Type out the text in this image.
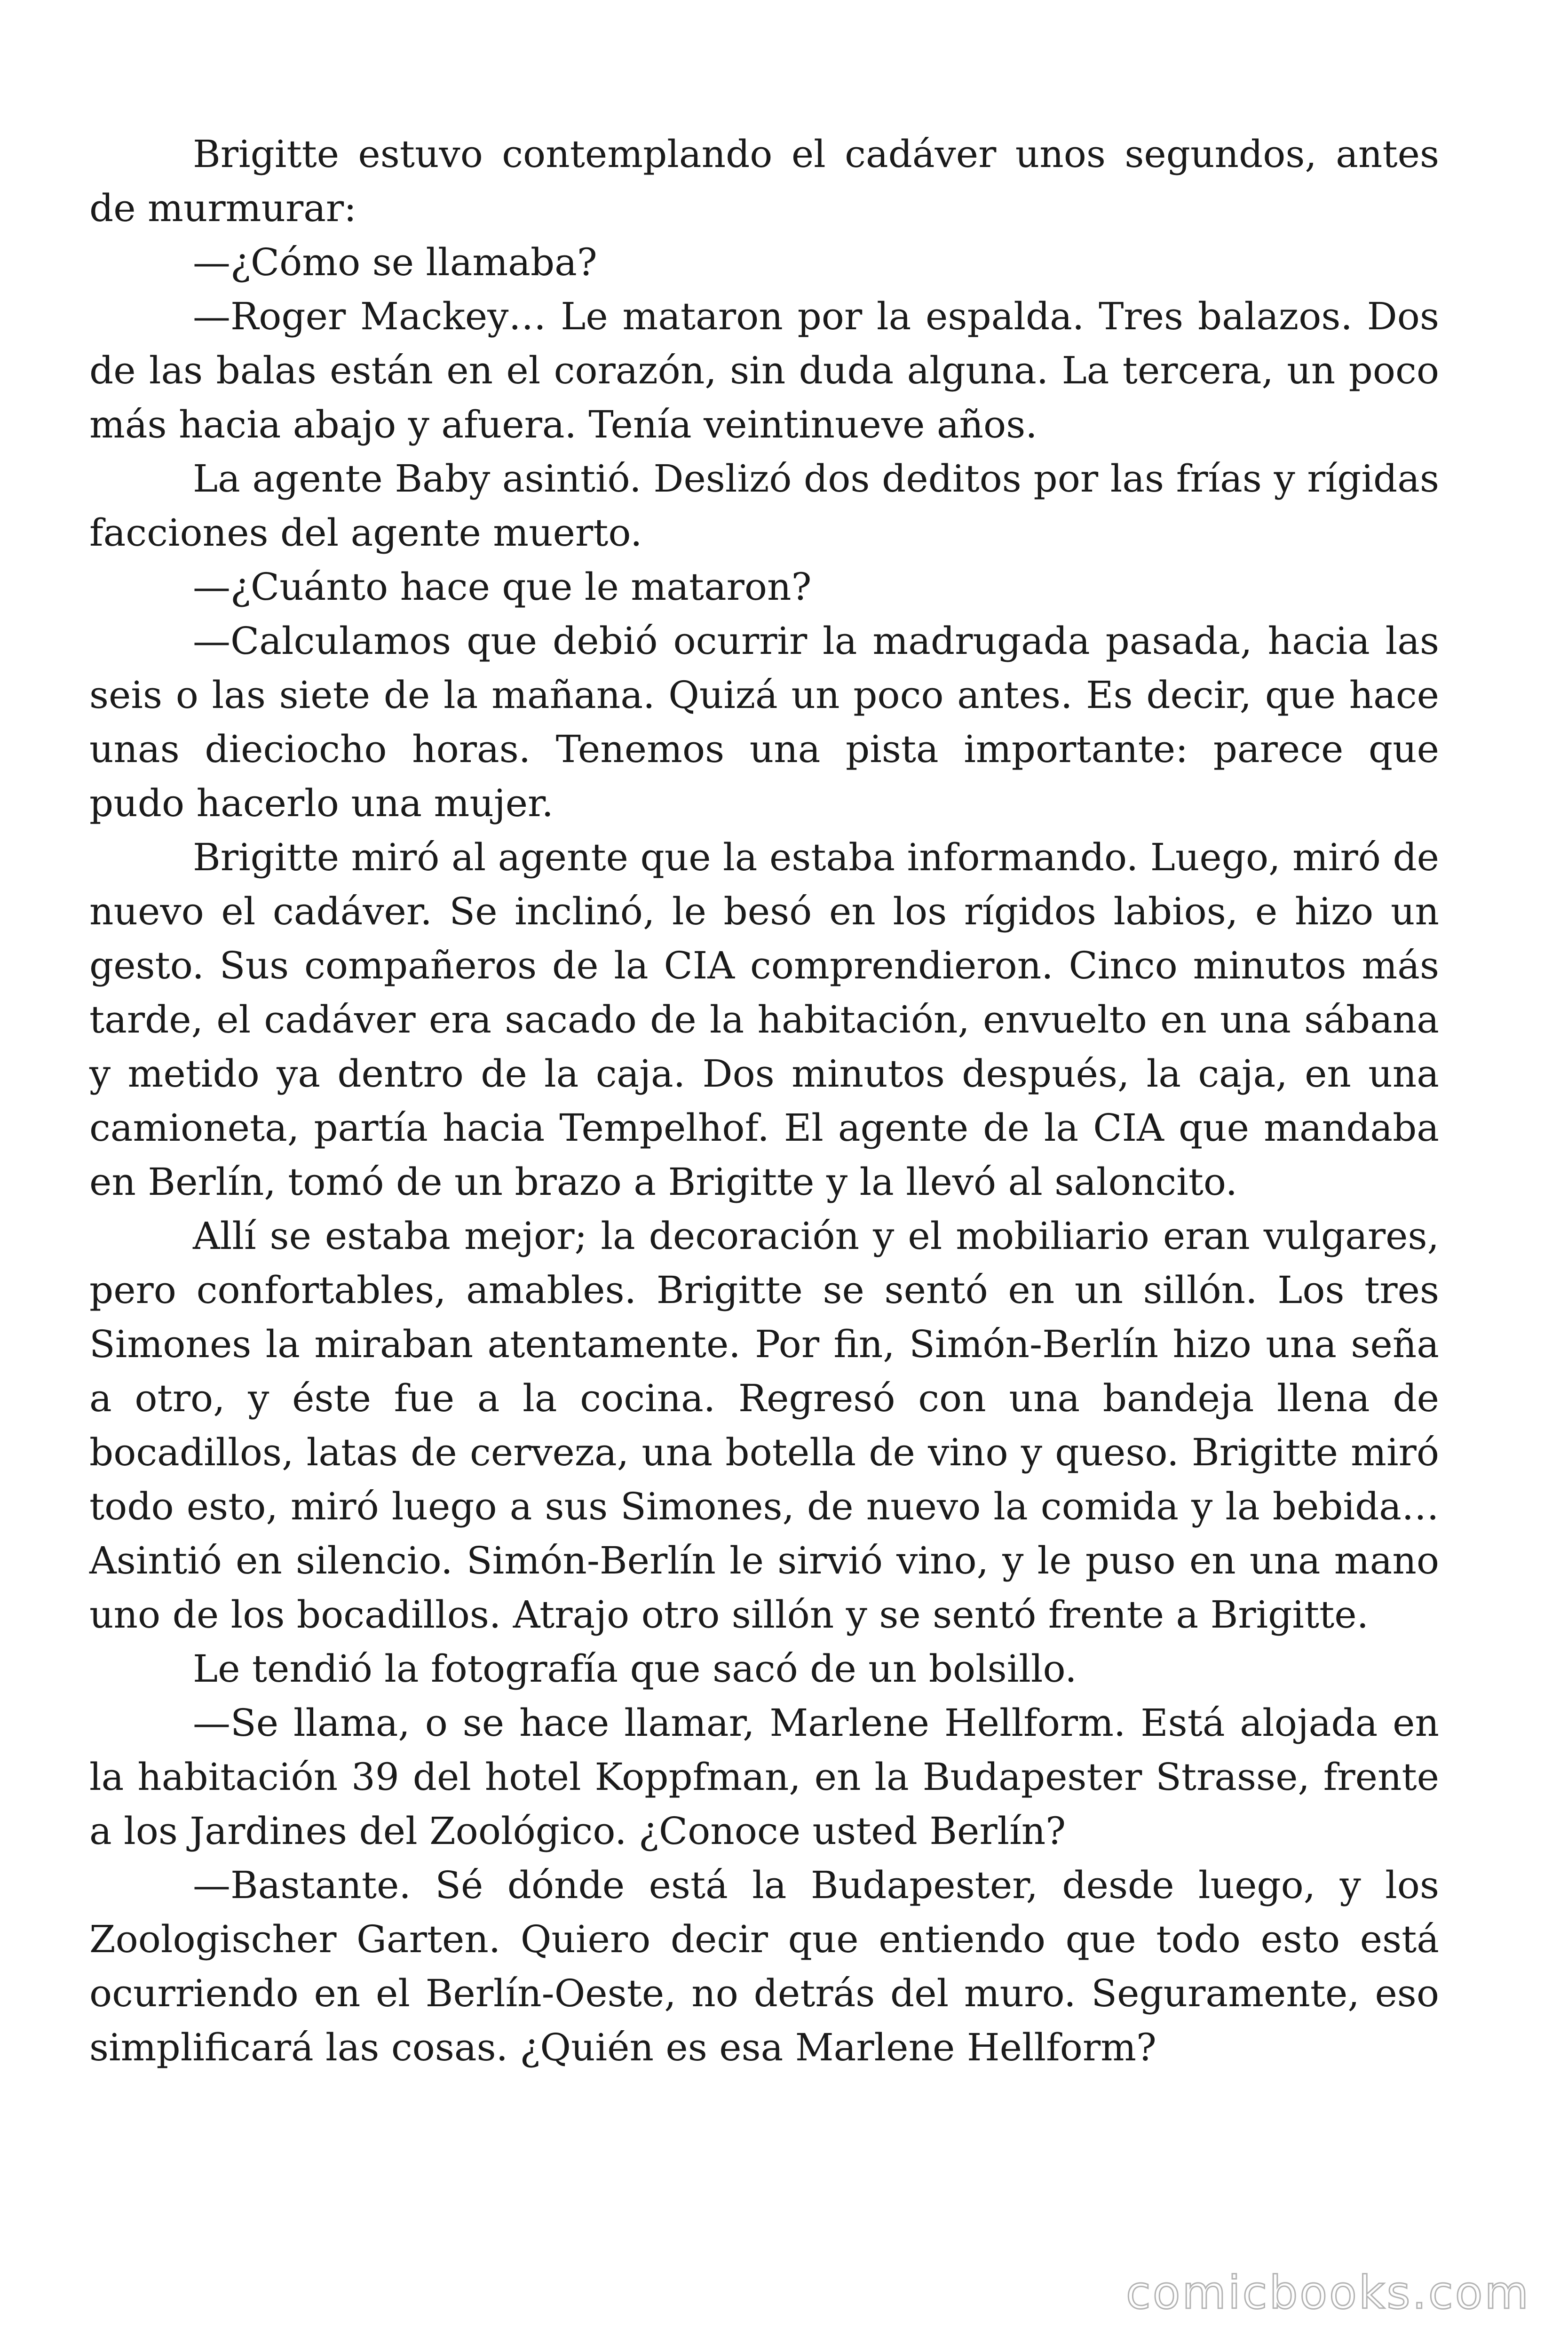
Brigitte estuvo contemplando el cadáver unos segundos, antes de murmurar:

—¿Cómo se llamaba?

—Roger Mackey… Le mataron por la espalda. Tres balazos. Dos de las balas están en el corazón, sin duda alguna. La tercera, un poco más hacia abajo y afuera. Tenía veintinueve años.

La agente Baby asintió. Deslizó dos deditos por las frías y rígidas facciones del agente muerto.

—¿Cuánto hace que le mataron?

—Calculamos que debió ocurrir la madrugada pasada, hacia las seis o las siete de la mañana. Quizá un poco antes. Es decir, que hace unas dieciocho horas. Tenemos una pista importante: parece que pudo hacerlo una mujer.

Brigitte miró al agente que la estaba informando. Luego, miró de nuevo el cadáver. Se inclinó, le besó en los rígidos labios, e hizo un gesto. Sus compañeros de la CIA comprendieron. Cinco minutos más tarde, el cadáver era sacado de la habitación, envuelto en una sábana y metido ya dentro de la caja. Dos minutos después, la caja, en una camioneta, partía hacia Tempelhof. El agente de la CIA que mandaba en Berlín, tomó de un brazo a Brigitte y la llevó al saloncito.

Allí se estaba mejor; la decoración y el mobiliario eran vulgares, pero confortables, amables. Brigitte se sentó en un sillón. Los tres Simones la miraban atentamente. Por fin, Simón-Berlín hizo una seña a otro, y éste fue a la cocina. Regresó con una bandeja llena de bocadillos, latas de cerveza, una botella de vino y queso. Brigitte miró todo esto, miró luego a sus Simones, de nuevo la comida y la bebida… Asintió en silencio. Simón-Berlín le sirvió vino, y le puso en una mano uno de los bocadillos. Atrajo otro sillón y se sentó frente a Brigitte.

Le tendió la fotografía que sacó de un bolsillo.

—Se llama, o se hace llamar, Marlene Hellform. Está alojada en la habitación 39 del hotel Koppfman, en la Budapester Strasse, frente a los Jardines del Zoológico. ¿Conoce usted Berlín?

—Bastante. Sé dónde está la Budapester, desde luego, y los Zoologischer Garten. Quiero decir que entiendo que todo esto está ocurriendo en el Berlín-Oeste, no detrás del muro. Seguramente, eso simplificará las cosas. ¿Quién es esa Marlene Hellform?

comicbooks.com
